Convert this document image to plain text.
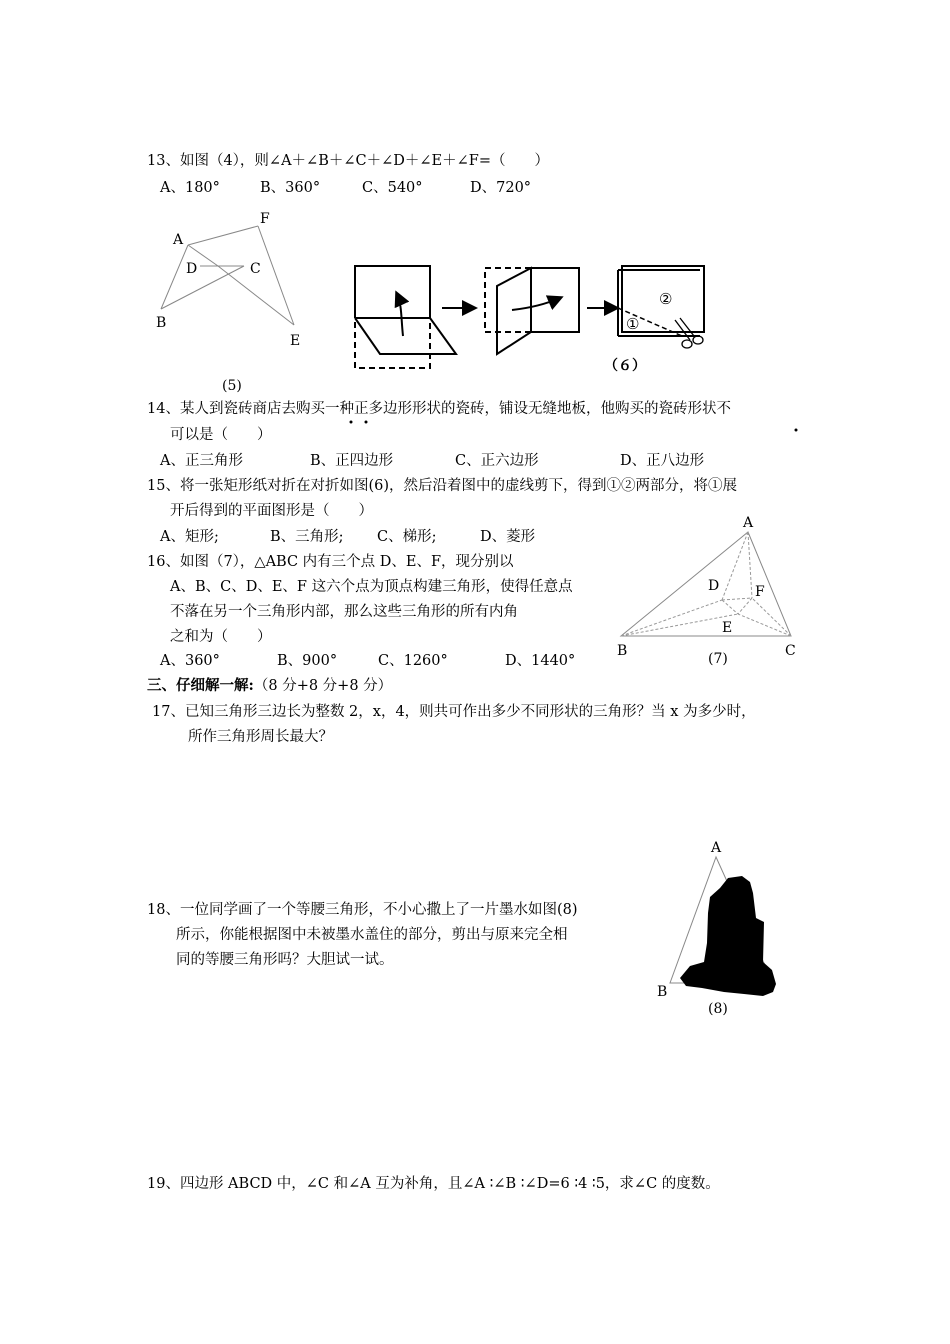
13、如图（4），则∠A＋∠B＋∠C＋∠D＋∠E＋∠F=（　　）
A、180°	B、360°	C、540°	D、720°
A
F
D	C
B
E
(5)
①
②
（６）
14、某人到瓷砖商店去购买一种正多边形形状的瓷砖，铺设无缝地板，他购买的瓷砖形状不
可以是（　　）
A、正三角形	B、正四边形	C、正六边形	D、正八边形
15、将一张矩形纸对折在对折如图(6)，然后沿着图中的虚线剪下，得到①②两部分，将①展
开后得到的平面图形是（　　）
A、矩形;	B、三角形; C、梯形;	D、菱形
16、如图（7），△ABC 内有三个点 D、E、F，现分别以
A、B、C、D、E、F 这六个点为顶点构建三角形，使得任意点
不落在另一个三角形内部，那么这些三角形的所有内角
之和为（　　）
A、360°	B、900°	C、1260°	D、1440°
A
B	C
D	F
E
(7)
三、仔细解一解:（8 分+8 分+8 分）
17、已知三角形三边长为整数 2，x，4，则共可作出多少不同形状的三角形？当 x 为多少时，
所作三角形周长最大？
18、一位同学画了一个等腰三角形，不小心撒上了一片墨水如图(8)
所示，你能根据图中未被墨水盖住的部分，剪出与原来完全相
同的等腰三角形吗？大胆试一试。
A
B
(8)
19、四边形 ABCD 中，∠C 和∠A 互为补角，且∠A ∶∠B ∶∠D=6 ∶4 ∶5，求∠C 的度数。
